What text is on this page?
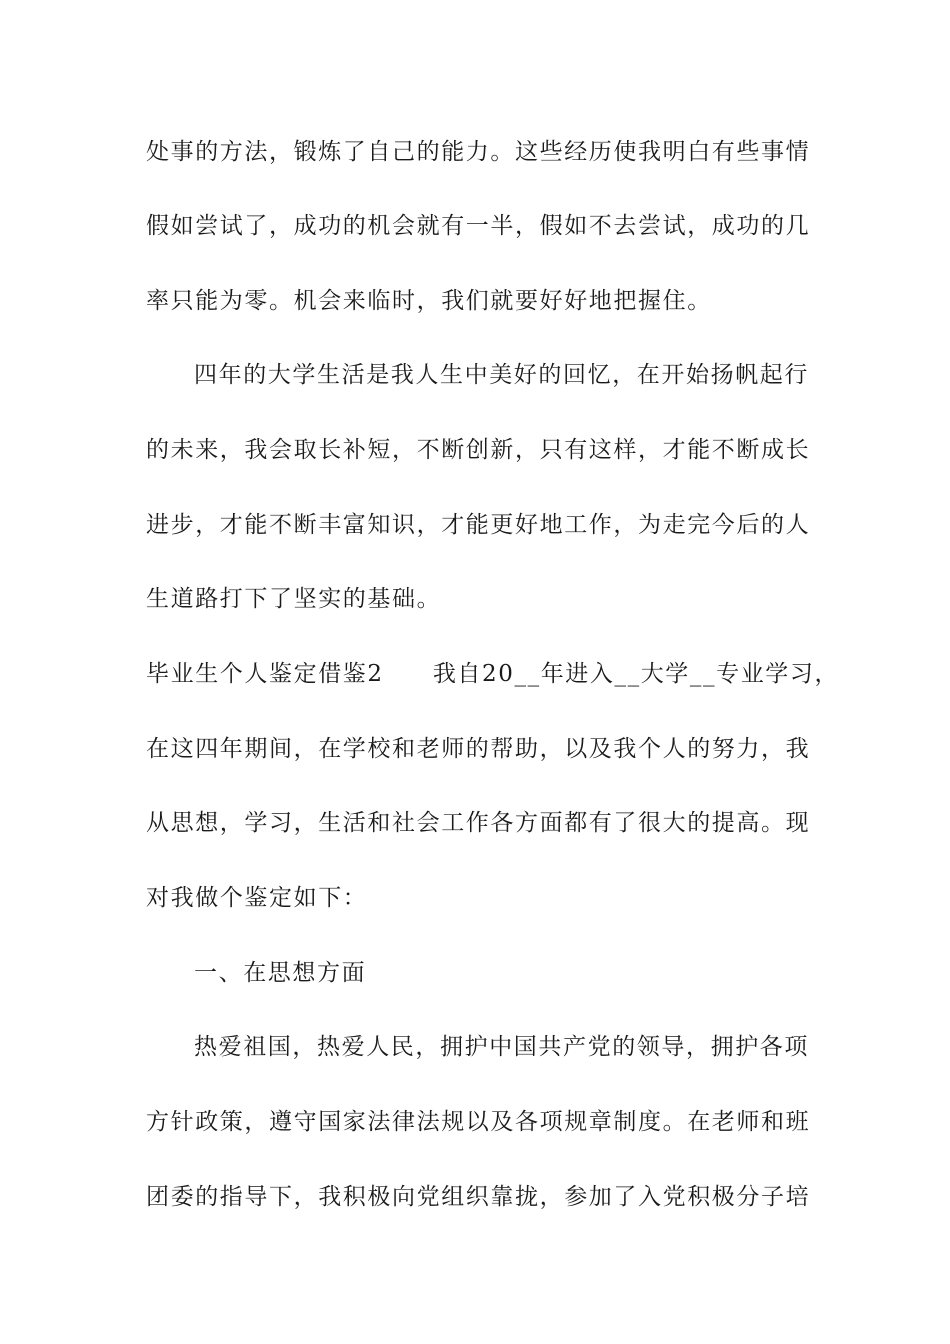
处事的方法，锻炼了自己的能力。这些经历使我明白有些事情
假如尝试了，成功的机会就有一半，假如不去尝试，成功的几
率只能为零。机会来临时，我们就要好好地把握住。
四年的大学生活是我人生中美好的回忆，在开始扬帆起行
的未来，我会取长补短，不断创新，只有这样，才能不断成长
进步，才能不断丰富知识，才能更好地工作，为走完今后的人
生道路打下了坚实的基础。
毕业生个人鉴定借鉴2　　我自20__年进入__大学__专业学习，
在这四年期间，在学校和老师的帮助，以及我个人的努力，我
从思想，学习，生活和社会工作各方面都有了很大的提高。现
对我做个鉴定如下：
一、在思想方面
热爱祖国，热爱人民，拥护中国共产党的领导，拥护各项
方针政策，遵守国家法律法规以及各项规章制度。在老师和班
团委的指导下，我积极向党组织靠拢，参加了入党积极分子培
